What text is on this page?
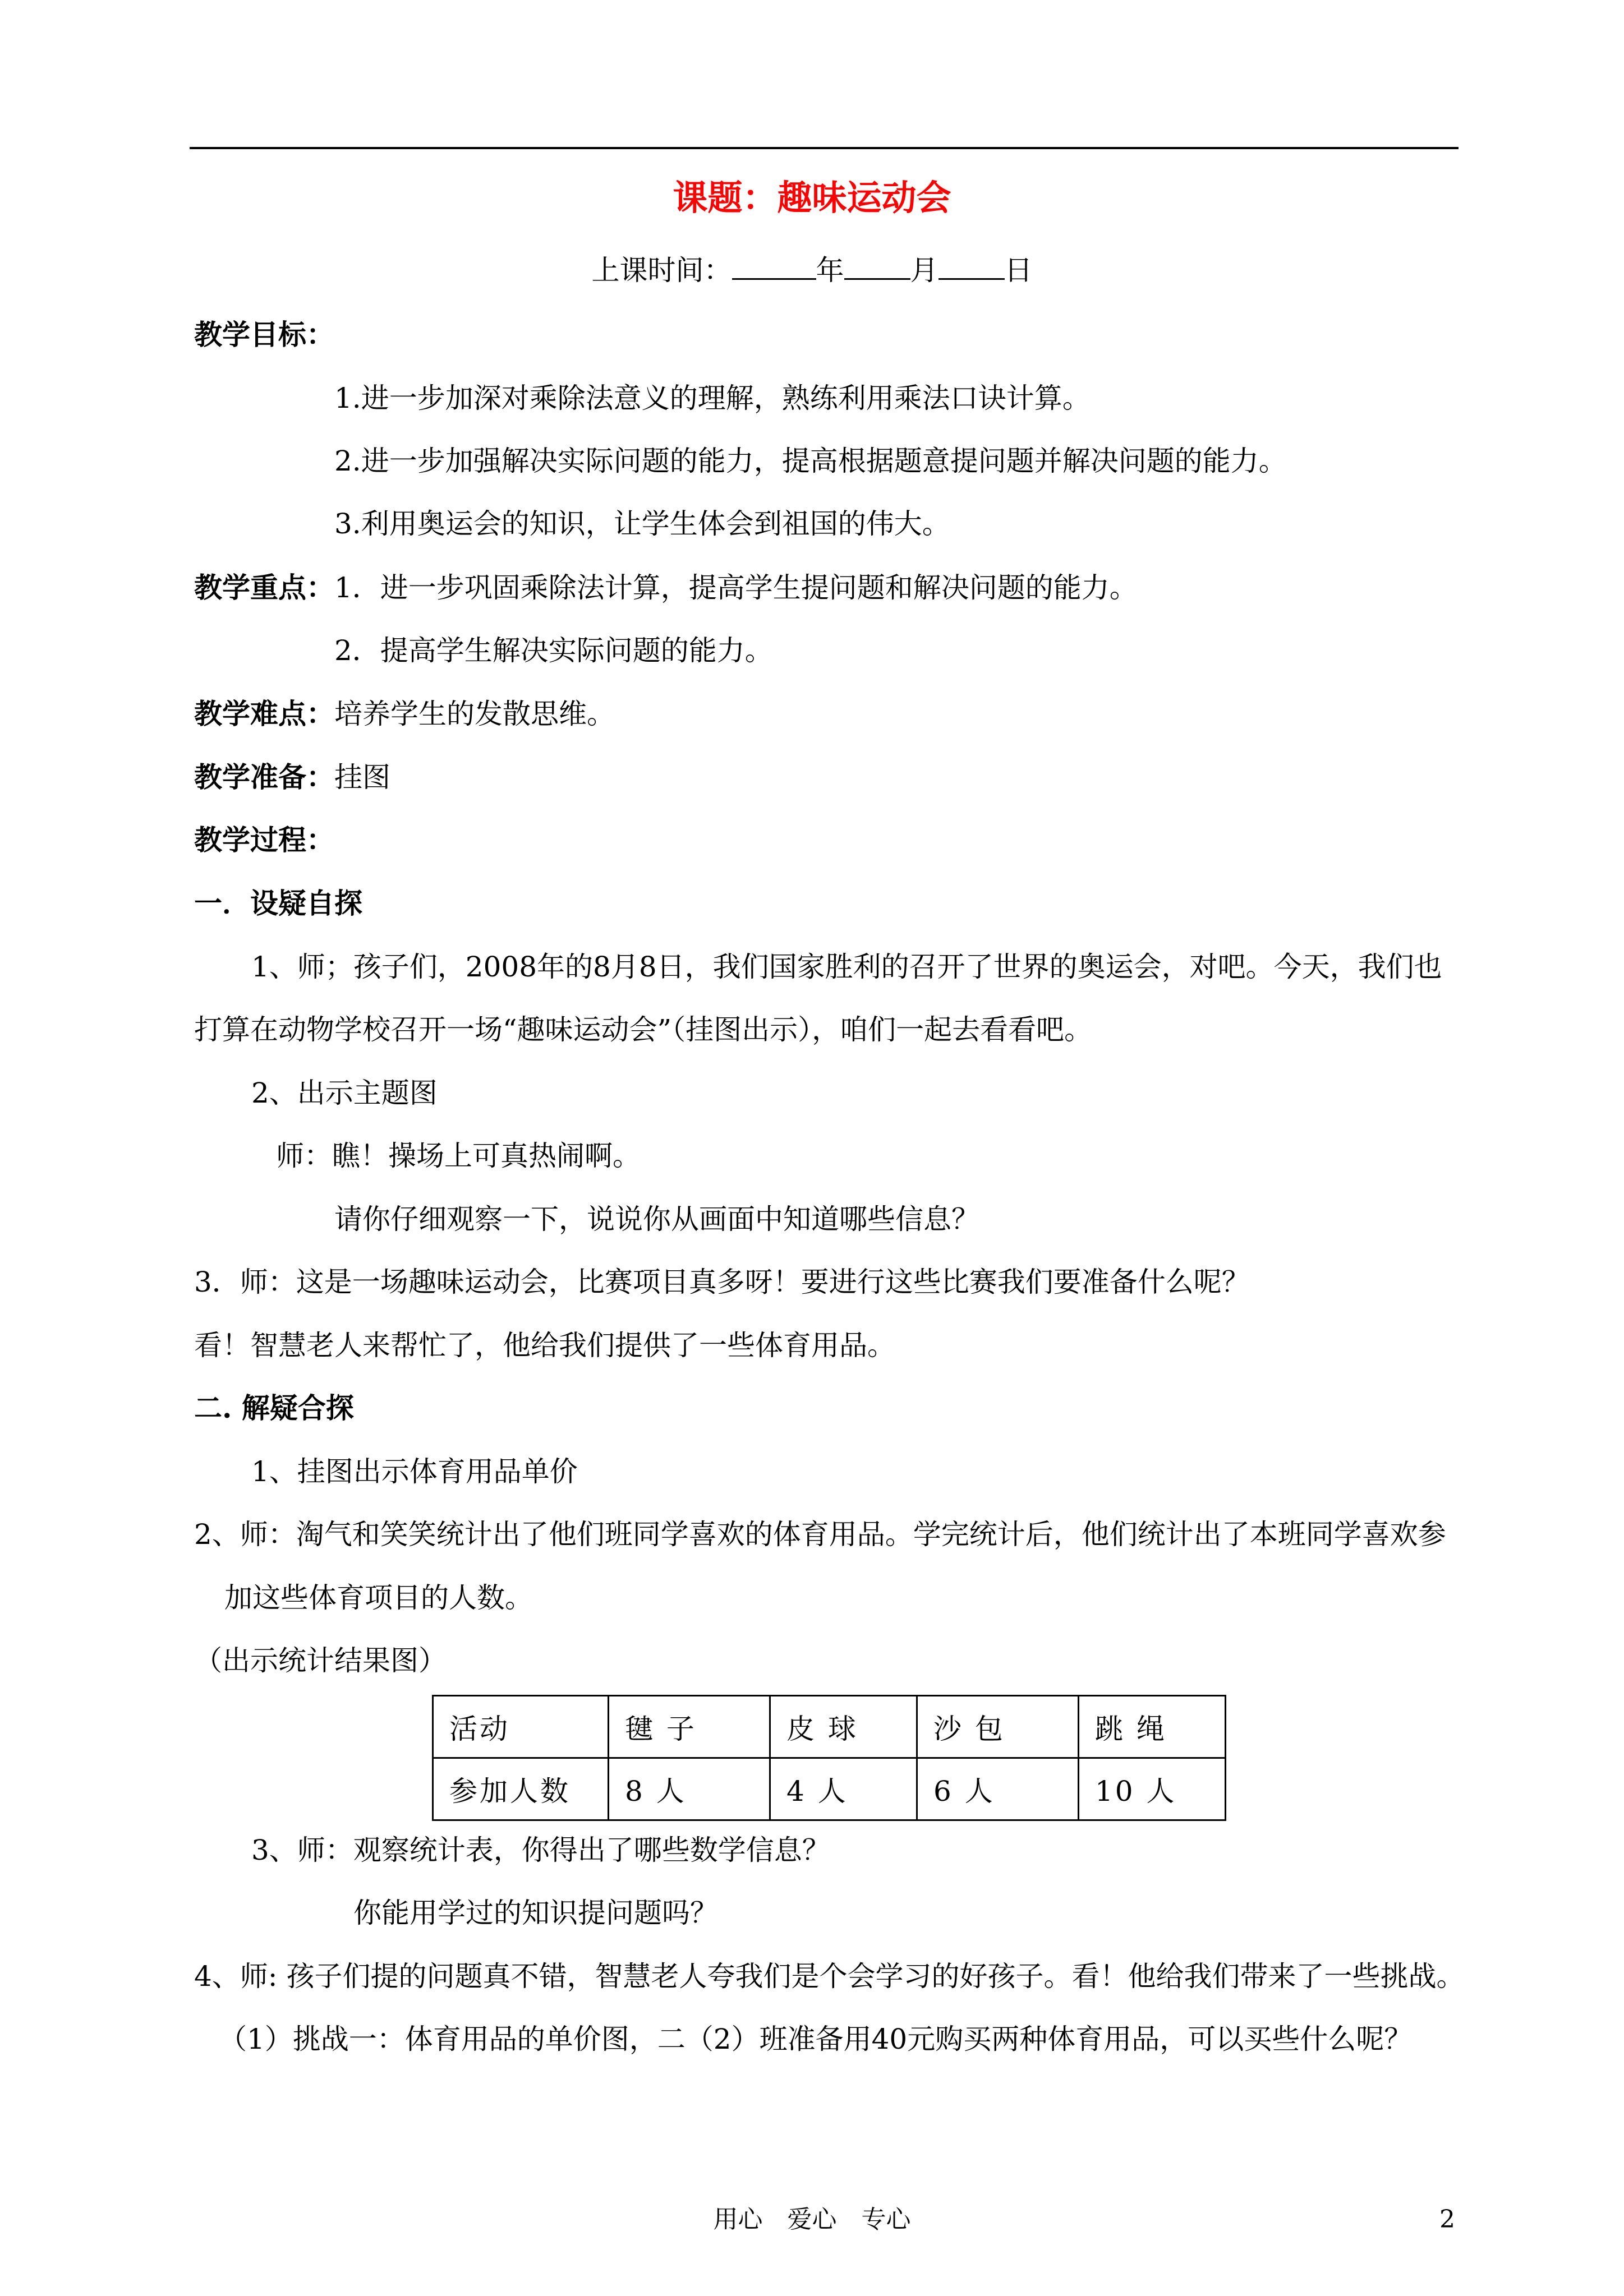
课题：趣味运动会
上课时间：	年 月 日
教学目标：
1.进一步加深对乘除法意义的理解，熟练利用乘法口诀计算。
2.进一步加强解决实际问题的能力，提高根据题意提问题并解决问题的能力。
3.利用奥运会的知识，让学生体会到祖国的伟大。
教学重点：1．进一步巩固乘除法计算，提高学生提问题和解决问题的能力。
2．提高学生解决实际问题的能力。
教学难点：培养学生的发散思维。
教学准备：挂图
教学过程：
一．设疑自探
1、师；孩子们，2008年的8月8日，我们国家胜利的召开了世界的奥运会，对吧。今天，我们也
打算在动物学校召开一场“趣味运动会”（挂图出示），咱们一起去看看吧。
2、出示主题图
师：瞧！操场上可真热闹啊。
请你仔细观察一下，说说你从画面中知道哪些信息？
3．师：这是一场趣味运动会，比赛项目真多呀！要进行这些比赛我们要准备什么呢？
看！智慧老人来帮忙了，他给我们提供了一些体育用品。
二. 解疑合探
1、挂图出示体育用品单价
2、师：淘气和笑笑统计出了他们班同学喜欢的体育用品。学完统计后，他们统计出了本班同学喜欢参
加这些体育项目的人数。
（出示统计结果图）
活动	毽 子	皮 球	沙 包	跳 绳
参加人数	8 人	4 人	6 人	10 人
3、师：观察统计表，你得出了哪些数学信息？
你能用学过的知识提问题吗？
4、师: 孩子们提的问题真不错，智慧老人夸我们是个会学习的好孩子。看！他给我们带来了一些挑战。
（1）挑战一：体育用品的单价图，二（2）班准备用40元购买两种体育用品，可以买些什么呢？
用心　爱心　专心	2
